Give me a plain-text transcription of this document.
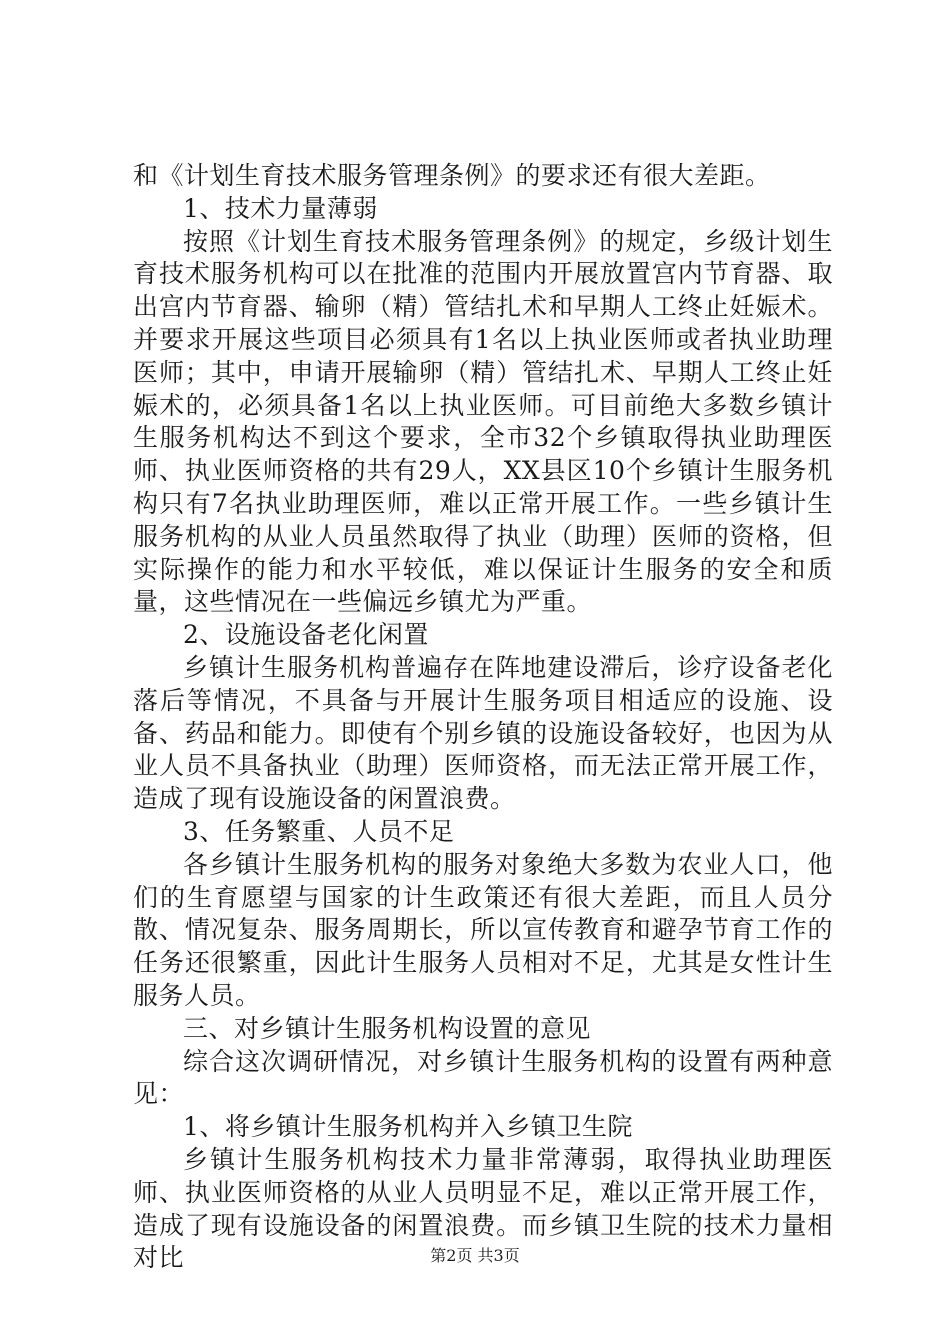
和《计划生育技术服务管理条例》的要求还有很大差距。

1、技术力量薄弱

按照《计划生育技术服务管理条例》的规定，乡级计划生育技术服务机构可以在批准的范围内开展放置宫内节育器、取出宫内节育器、输卵（精）管结扎术和早期人工终止妊娠术。并要求开展这些项目必须具有1名以上执业医师或者执业助理医师；其中，申请开展输卵（精）管结扎术、早期人工终止妊娠术的，必须具备1名以上执业医师。可目前绝大多数乡镇计生服务机构达不到这个要求，全市32个乡镇取得执业助理医师、执业医师资格的共有29人，XX县区10个乡镇计生服务机构只有7名执业助理医师，难以正常开展工作。一些乡镇计生服务机构的从业人员虽然取得了执业（助理）医师的资格，但实际操作的能力和水平较低，难以保证计生服务的安全和质量，这些情况在一些偏远乡镇尤为严重。

2、设施设备老化闲置

乡镇计生服务机构普遍存在阵地建设滞后，诊疗设备老化落后等情况，不具备与开展计生服务项目相适应的设施、设备、药品和能力。即使有个别乡镇的设施设备较好，也因为从业人员不具备执业（助理）医师资格，而无法正常开展工作，造成了现有设施设备的闲置浪费。

3、任务繁重、人员不足

各乡镇计生服务机构的服务对象绝大多数为农业人口，他们的生育愿望与国家的计生政策还有很大差距，而且人员分散、情况复杂、服务周期长，所以宣传教育和避孕节育工作的任务还很繁重，因此计生服务人员相对不足，尤其是女性计生服务人员。

三、对乡镇计生服务机构设置的意见

综合这次调研情况，对乡镇计生服务机构的设置有两种意见：

1、将乡镇计生服务机构并入乡镇卫生院

乡镇计生服务机构技术力量非常薄弱，取得执业助理医师、执业医师资格的从业人员明显不足，难以正常开展工作，造成了现有设施设备的闲置浪费。而乡镇卫生院的技术力量相对比	第2页 共3页
